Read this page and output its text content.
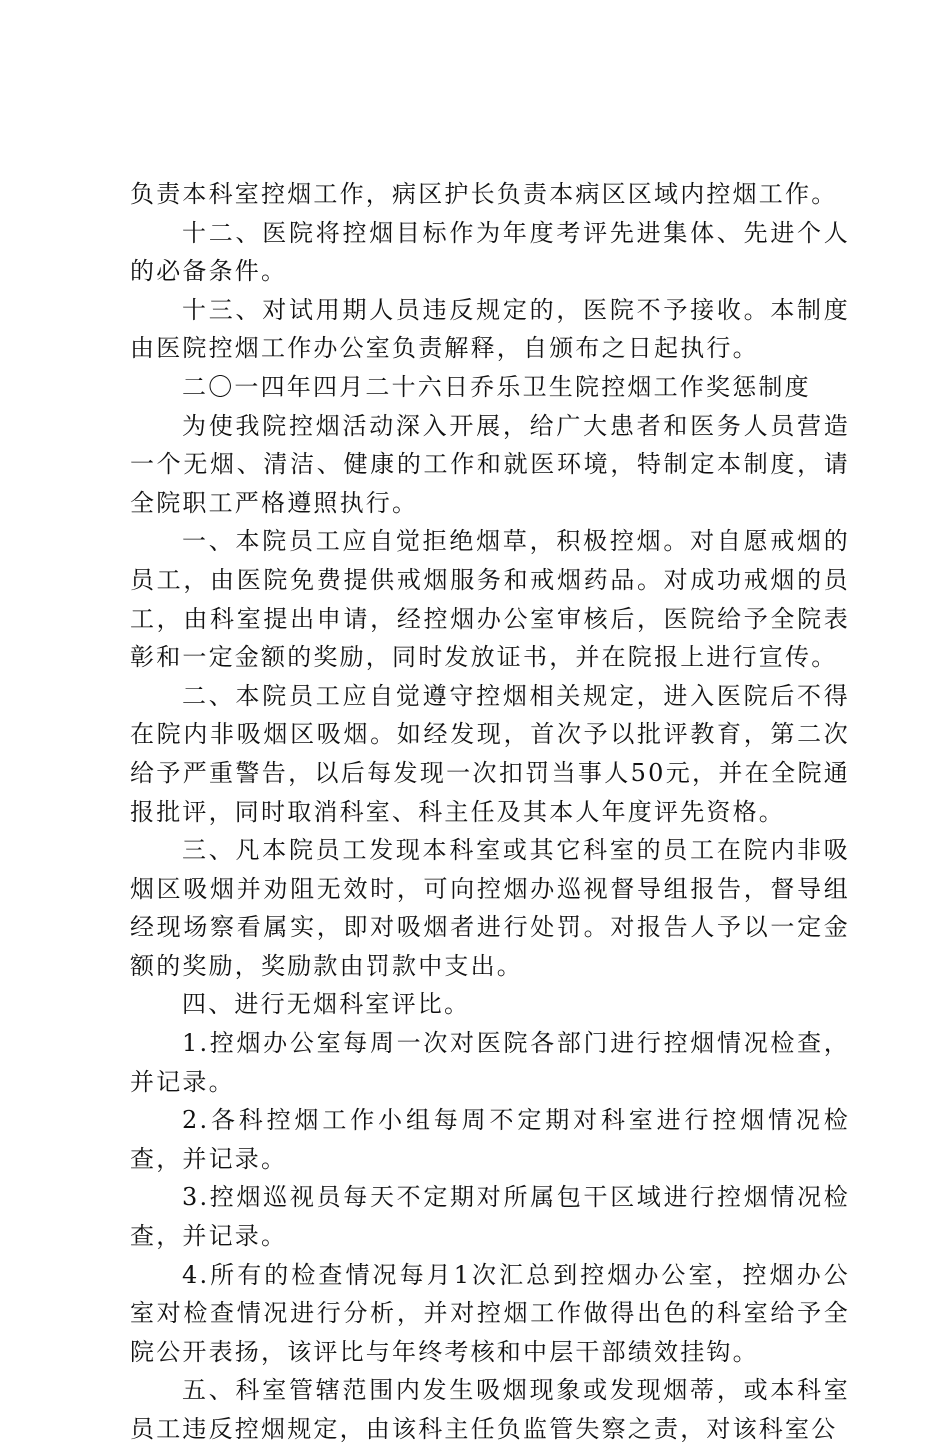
负责本科室控烟工作，病区护长负责本病区区域内控烟工作。

十二、医院将控烟目标作为年度考评先进集体、先进个人的必备条件。

十三、对试用期人员违反规定的，医院不予接收。本制度由医院控烟工作办公室负责解释，自颁布之日起执行。

二〇一四年四月二十六日乔乐卫生院控烟工作奖惩制度

为使我院控烟活动深入开展，给广大患者和医务人员营造一个无烟、清洁、健康的工作和就医环境，特制定本制度，请全院职工严格遵照执行。

一、本院员工应自觉拒绝烟草，积极控烟。对自愿戒烟的员工，由医院免费提供戒烟服务和戒烟药品。对成功戒烟的员工，由科室提出申请，经控烟办公室审核后，医院给予全院表彰和一定金额的奖励，同时发放证书，并在院报上进行宣传。

二、本院员工应自觉遵守控烟相关规定，进入医院后不得在院内非吸烟区吸烟。如经发现，首次予以批评教育，第二次给予严重警告，以后每发现一次扣罚当事人50元，并在全院通报批评，同时取消科室、科主任及其本人年度评先资格。

三、凡本院员工发现本科室或其它科室的员工在院内非吸烟区吸烟并劝阻无效时，可向控烟办巡视督导组报告，督导组经现场察看属实，即对吸烟者进行处罚。对报告人予以一定金额的奖励，奖励款由罚款中支出。

四、进行无烟科室评比。

1.控烟办公室每周一次对医院各部门进行控烟情况检查，并记录。

2.各科控烟工作小组每周不定期对科室进行控烟情况检查，并记录。

3.控烟巡视员每天不定期对所属包干区域进行控烟情况检查，并记录。

4.所有的检查情况每月1次汇总到控烟办公室，控烟办公室对检查情况进行分析，并对控烟工作做得出色的科室给予全院公开表扬，该评比与年终考核和中层干部绩效挂钩。

五、科室管辖范围内发生吸烟现象或发现烟蒂，或本科室员工违反控烟规定，由该科主任负监管失察之责，对该科室公
